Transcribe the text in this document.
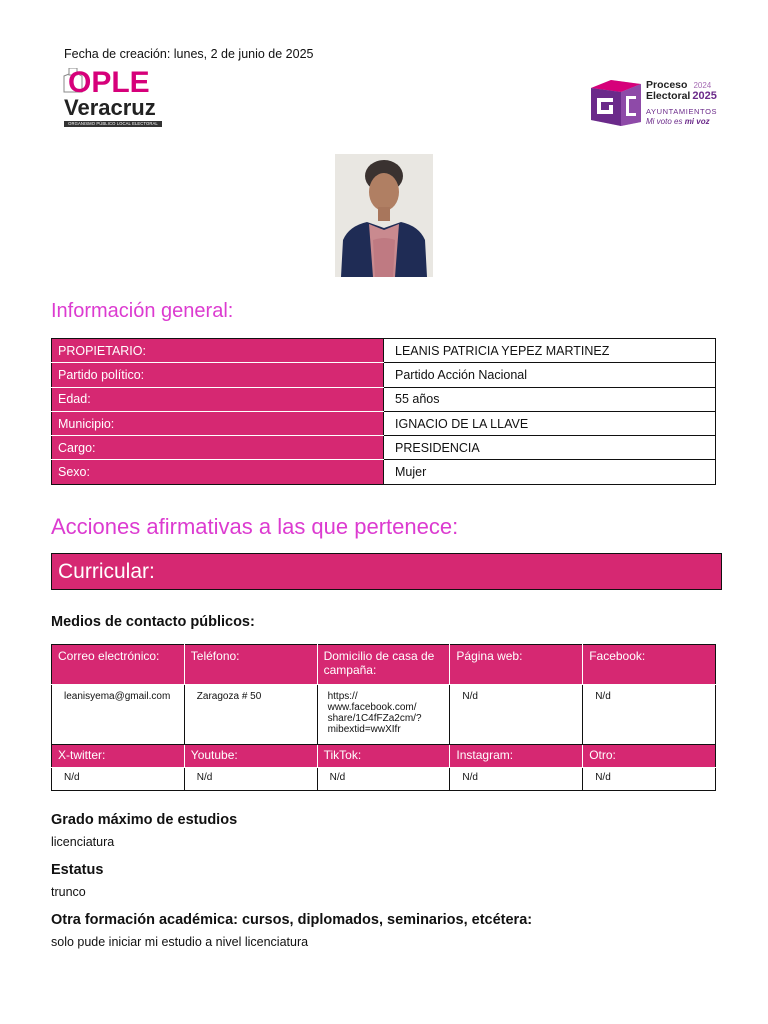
Fecha de creación: lunes, 2 de junio de 2025
OPLE
Veracruz
ORGANISMO PÚBLICO LOCAL ELECTORAL
Proceso 2024
Electoral 2025
AYUNTAMIENTOS
Mi voto es mi voz
Información general:
PROPIETARIO:	LEANIS PATRICIA YEPEZ MARTINEZ
Partido político:	Partido Acción Nacional
Edad:	55 años
Municipio:	IGNACIO DE LA LLAVE
Cargo:	PRESIDENCIA
Sexo:	Mujer
Acciones afirmativas a las que pertenece:
Curricular:
Medios de contacto públicos:
Correo electrónico:	Teléfono:	Domicilio de casa de campaña:	Página web:	Facebook:
leanisyema@gmail.com	Zaragoza # 50	https://
www.facebook.com/
share/1C4fFZa2cm/?
mibextid=wwXIfr	N/d	N/d
X-twitter:	Youtube:	TikTok:	Instagram:	Otro:
N/d	N/d	N/d	N/d	N/d
Grado máximo de estudios
licenciatura
Estatus
trunco
Otra formación académica: cursos, diplomados, seminarios, etcétera:
solo pude iniciar mi estudio a nivel licenciatura
